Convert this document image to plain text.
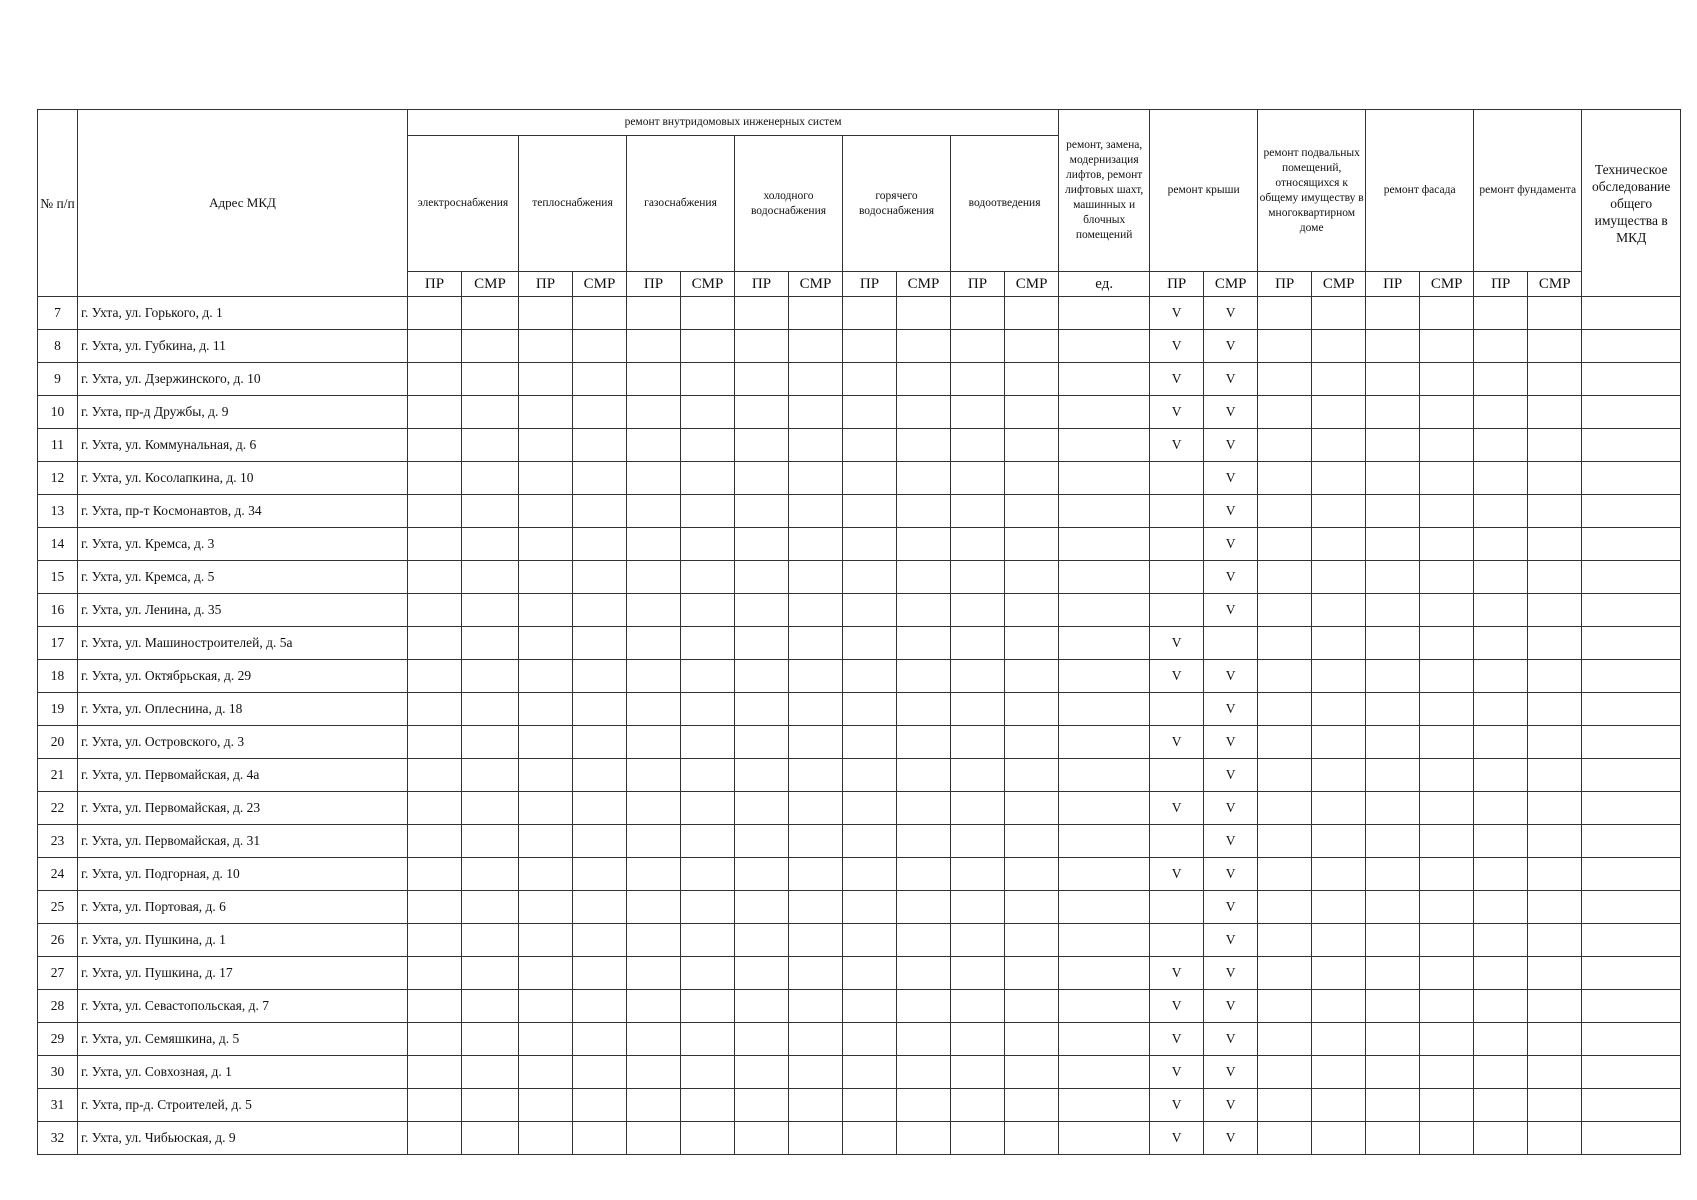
№ п/п	Адрес МКД	ремонт внутридомовых инженерных систем												ремонт, замена, модернизация лифтов, ремонт лифтовых шахт, машинных и блочных помещений	ремонт крыши		ремонт подвальных помещений, относящихся к общему имуществу в многоквартирном доме		ремонт фасада		ремонт фундамента		Техническое обследование общего имущества в МКД
		электроснабжения		теплоснабжения		газоснабжения		холодного водоснабжения		горячего водоснабжения		водоотведения											
		ПР	СМР	ПР	СМР	ПР	СМР	ПР	СМР	ПР	СМР	ПР	СМР	ед.	ПР	СМР	ПР	СМР	ПР	СМР	ПР	СМР	
7	г. Ухта, ул. Горького, д. 1														V	V							
8	г. Ухта, ул. Губкина, д. 11														V	V							
9	г. Ухта, ул. Дзержинского, д. 10														V	V							
10	г. Ухта, пр-д Дружбы, д. 9														V	V							
11	г. Ухта, ул. Коммунальная, д. 6														V	V							
12	г. Ухта, ул. Косолапкина, д. 10															V							
13	г. Ухта, пр-т Космонавтов, д. 34															V							
14	г. Ухта, ул. Кремса, д. 3															V							
15	г. Ухта, ул. Кремса, д. 5															V							
16	г. Ухта, ул. Ленина, д. 35															V							
17	г. Ухта, ул. Машиностроителей, д. 5а														V								
18	г. Ухта, ул. Октябрьская, д. 29														V	V							
19	г. Ухта, ул. Оплеснина, д. 18															V							
20	г. Ухта, ул. Островского, д. 3														V	V							
21	г. Ухта, ул. Первомайская, д. 4а															V							
22	г. Ухта, ул. Первомайская, д. 23														V	V							
23	г. Ухта, ул. Первомайская, д. 31															V							
24	г. Ухта, ул. Подгорная, д. 10														V	V							
25	г. Ухта, ул. Портовая, д. 6															V							
26	г. Ухта, ул. Пушкина, д. 1															V							
27	г. Ухта, ул. Пушкина, д. 17														V	V							
28	г. Ухта, ул. Севастопольская, д. 7														V	V							
29	г. Ухта, ул. Семяшкина, д. 5														V	V							
30	г. Ухта, ул. Совхозная, д. 1														V	V							
31	г. Ухта, пр-д. Строителей, д. 5														V	V							
32	г. Ухта, ул. Чибьюская, д. 9														V	V							
